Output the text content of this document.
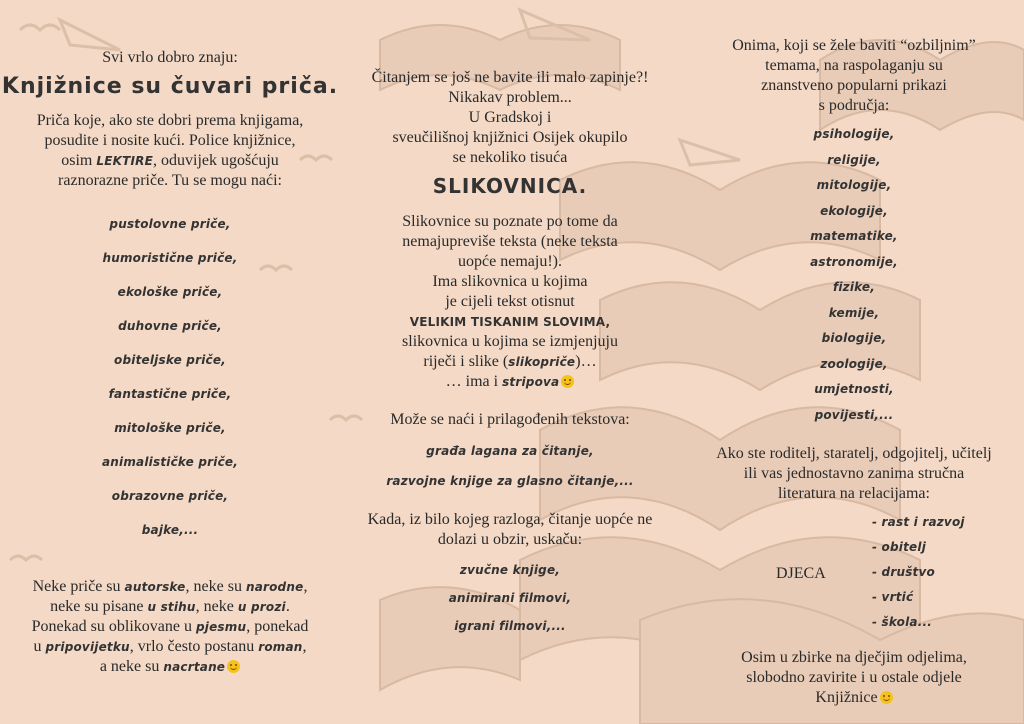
Svi vrlo dobro znaju:
Knjižnice su čuvari priča.
Priča koje, ako ste dobri prema knjigama,
posudite i nosite kući. Police knjižnice,
osim LEKTIRE, oduvijek ugošćuju
raznorazne priče. Tu se mogu naći:
pustolovne priče,
humoristične priče,
ekološke priče,
duhovne priče,
obiteljske priče,
fantastične priče,
mitološke priče,
animalističke priče,
obrazovne priče,
bajke,...
Neke priče su autorske, neke su narodne,
neke su pisane u stihu, neke u prozi.
Ponekad su oblikovane u pjesmu, ponekad
u pripovijetku, vrlo često postanu roman,
a neke su nacrtane
Čitanjem se još ne bavite ili malo zapinje?!
Nikakav problem...
U Gradskoj i
sveučilišnoj knjižnici Osijek okupilo
se nekoliko tisuća
SLIKOVNICA.
Slikovnice su poznate po tome da
nemajupreviše teksta (neke teksta
uopće nemaju!).
Ima slikovnica u kojima
je cijeli tekst otisnut
VELIKIM TISKANIM SLOVIMA,
slikovnica u kojima se izmjenjuju
riječi i slike (slikopriče)…
… ima i stripova
Može se naći i prilagođenih tekstova:
građa lagana za čitanje,
razvojne knjige za glasno čitanje,...
Kada, iz bilo kojeg razloga, čitanje uopće ne
dolazi u obzir, uskaču:
zvučne knjige,
animirani filmovi,
igrani filmovi,...
Onima, koji se žele baviti “ozbiljnim”
temama, na raspolaganju su
znanstveno popularni prikazi
s područja:
psihologije,
religije,
mitologije,
ekologije,
matematike,
astronomije,
fizike,
kemije,
biologije,
zoologije,
umjetnosti,
povijesti,...
Ako ste roditelj, staratelj, odgojitelj, učitelj
ili vas jednostavno zanima stručna
literatura na relacijama:
DJECA
- rast i razvoj
- obitelj
- društvo
- vrtić
- škola...
Osim u zbirke na dječjim odjelima,
slobodno zavirite i u ostale odjele
Knjižnice
